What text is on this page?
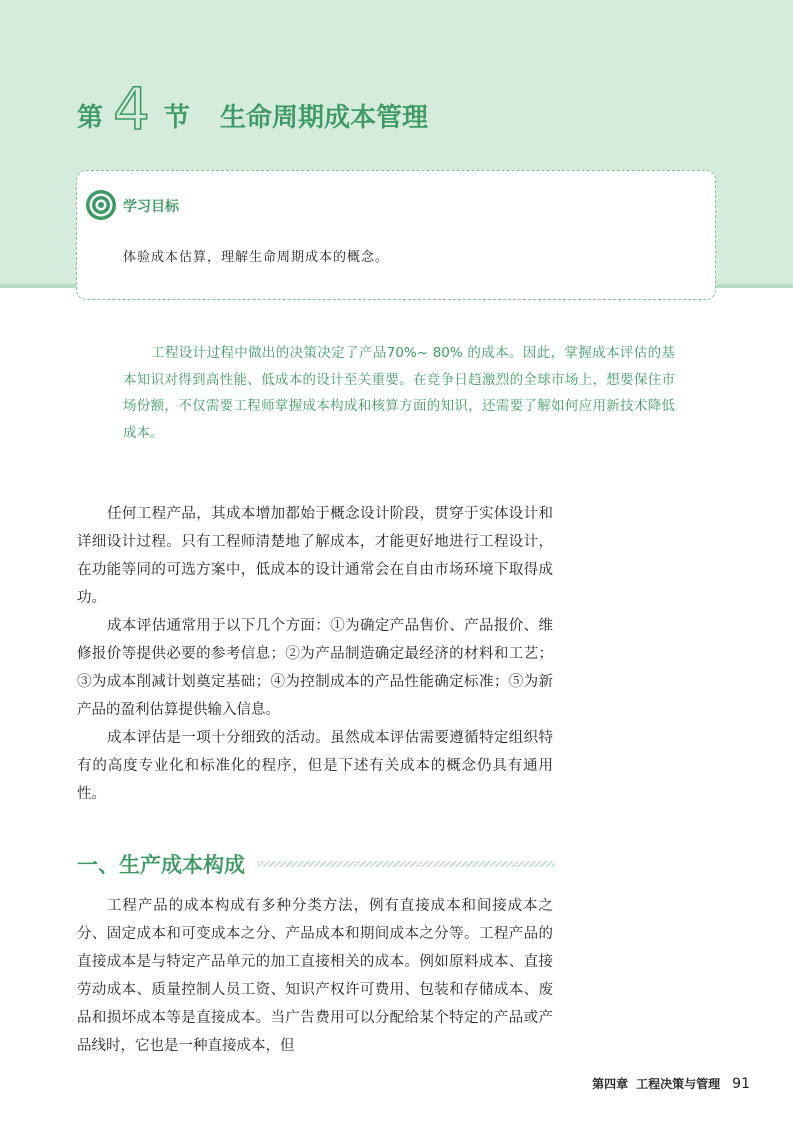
第 4 节 生命周期成本管理
学习目标
体验成本估算，理解生命周期成本的概念。

工程设计过程中做出的决策决定了产品70%~ 80% 的成本。因此，掌握成本评估的基本知识对得到高性能、低成本的设计至关重要。在竞争日趋激烈的全球市场上，想要保住市场份额，不仅需要工程师掌握成本构成和核算方面的知识，还需要了解如何应用新技术降低成本。

任何工程产品，其成本增加都始于概念设计阶段，贯穿于实体设计和详细设计过程。只有工程师清楚地了解成本，才能更好地进行工程设计，在功能等同的可选方案中，低成本的设计通常会在自由市场环境下取得成功。

成本评估通常用于以下几个方面：①为确定产品售价、产品报价、维修报价等提供必要的参考信息；②为产品制造确定最经济的材料和工艺；③为成本削减计划奠定基础；④为控制成本的产品性能确定标准；⑤为新产品的盈利估算提供输入信息。

成本评估是一项十分细致的活动。虽然成本评估需要遵循特定组织特有的高度专业化和标准化的程序，但是下述有关成本的概念仍具有通用性。

一、生产成本构成

工程产品的成本构成有多种分类方法，例有直接成本和间接成本之分、固定成本和可变成本之分、产品成本和期间成本之分等。工程产品的直接成本是与特定产品单元的加工直接相关的成本。例如原料成本、直接劳动成本、质量控制人员工资、知识产权许可费用、包装和存储成本、废品和损坏成本等是直接成本。当广告费用可以分配给某个特定的产品或产品线时，它也是一种直接成本，但

第四章 工程决策与管理 91
